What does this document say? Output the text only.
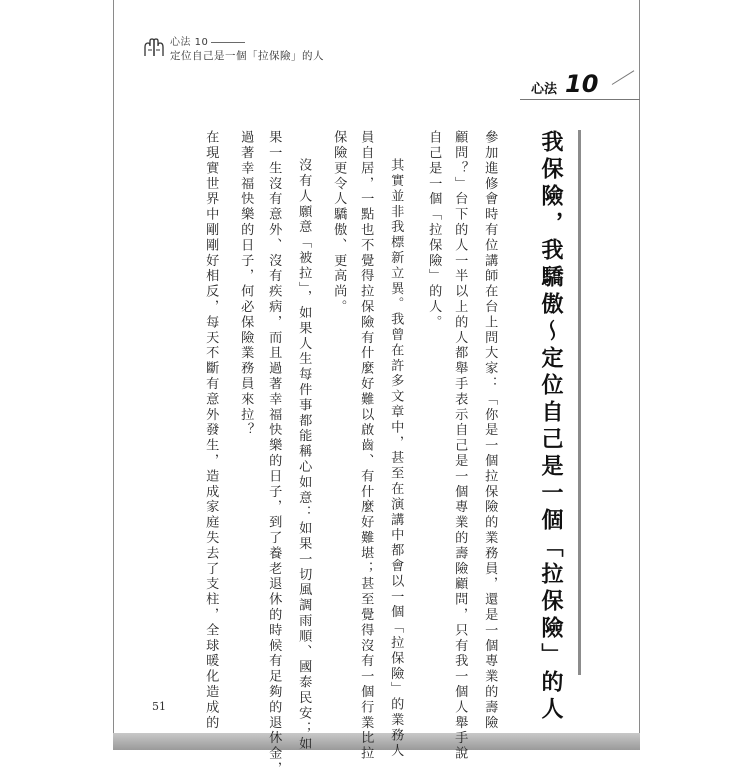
心法 10
定位自己是一個「拉保險」的人
心法 10
我保險，我驕傲～定位自己是一個「拉保險」的人
參加進修會時有位講師在台上問大家：「你是一個拉保險的業務員，還是一個專業的壽險
顧問？」台下的人一半以上的人都舉手表示自己是一個專業的壽險顧問，只有我一個人舉手說
自己是一個「拉保險」的人。
其實並非我標新立異。我曾在許多文章中，甚至在演講中都會以一個「拉保險」的業務人
員自居，一點也不覺得拉保險有什麼好難以啟齒、有什麼好難堪；甚至覺得沒有一個行業比拉
保險更令人驕傲、更高尚。
沒有人願意「被拉」，如果人生每件事都能稱心如意：如果一切風調雨順、國泰民安；如
果一生沒有意外、沒有疾病，而且過著幸福快樂的日子，到了養老退休的時候有足夠的退休金，
過著幸福快樂的日子，何必保險業務員來拉？
在現實世界中剛剛好相反，每天不斷有意外發生，造成家庭失去了支柱，全球暖化造成的
51
